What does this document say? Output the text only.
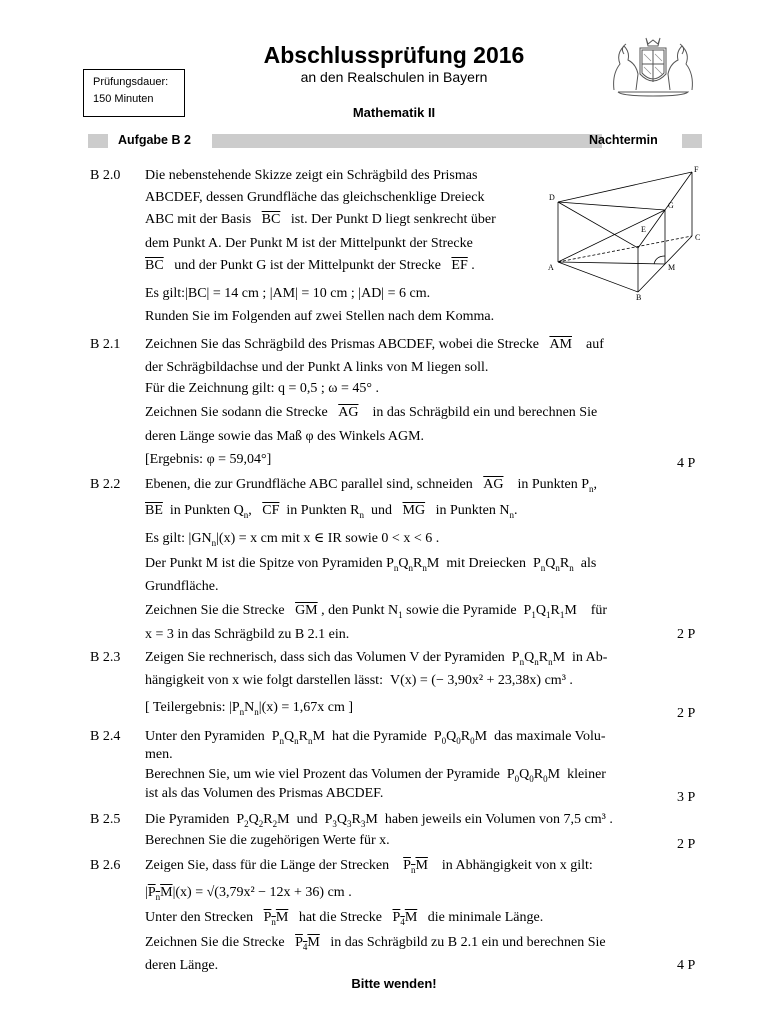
Abschlussprüfung 2016
an den Realschulen in Bayern
Mathematik II
Prüfungsdauer:
150 Minuten
Aufgabe B 2	Nachtermin
F
D
G
E
C
A	M
B
B 2.0 Die nebenstehende Skizze zeigt ein Schrägbild des Prismas
ABCDEF, dessen Grundfläche das gleichschenklige Dreieck
ABC mit der Basis $\overline{BC}$ ist. Der Punkt D liegt senkrecht über
dem Punkt A. Der Punkt M ist der Mittelpunkt der Strecke
$\overline{BC}$ und der Punkt G ist der Mittelpunkt der Strecke $\overline{EF}$ .
Es gilt:|BC| = 14 cm ; |AM| = 10 cm ; |AD| = 6 cm.
Runden Sie im Folgenden auf zwei Stellen nach dem Komma.
B 2.1 Zeichnen Sie das Schrägbild des Prismas ABCDEF, wobei die Strecke $\overline{AM}$ auf
der Schrägbildachse und der Punkt A links von M liegen soll.
Für die Zeichnung gilt: q = 0,5 ; ω = 45° .
Zeichnen Sie sodann die Strecke $\overline{AG}$ in das Schrägbild ein und berechnen Sie
deren Länge sowie das Maß φ des Winkels AGM.
[Ergebnis: φ = 59,04°]	4 P
B 2.2 Ebenen, die zur Grundfläche ABC parallel sind, schneiden $\overline{AG}$ in Punkten $P_n$,
$\overline{BE}$ in Punkten $Q_n$,   $\overline{CF}$ in Punkten $R_n$ und $\overline{MG}$ in Punkten $N_n$.
Es gilt: $|GN_n|(x) = x$ cm mit x ∈ IR sowie 0 < x < 6 .
Der Punkt M ist die Spitze von Pyramiden $P_nQ_nR_nM$  mit Dreiecken  $P_nQ_nR_n$ als
Grundfläche.
Zeichnen Sie die Strecke $\overline{GM}$ , den Punkt $N_1$ sowie die Pyramide  $P_1Q_1R_1M$    für
x = 3 in das Schrägbild zu B 2.1 ein.	2 P
B 2.3 Zeigen Sie rechnerisch, dass sich das Volumen V der Pyramiden  $P_nQ_nR_nM$  in Ab-
hängigkeit von x wie folgt darstellen lässt: V(x) = (− 3,90x² + 23,38x) cm³ .
[ Teilergebnis: $|P_nN_n|(x) = 1,67x$ cm ]	2 P
B 2.4 Unter den Pyramiden  $P_nQ_nR_nM$  hat die Pyramide  $P_0Q_0R_0M$  das maximale Volu-
men.
Berechnen Sie, um wie viel Prozent das Volumen der Pyramide  $P_0Q_0R_0M$  kleiner
ist als das Volumen des Prismas ABCDEF.	3 P
B 2.5 Die Pyramiden  $P_2Q_2R_2M$  und  $P_3Q_3R_3M$  haben jeweils ein Volumen von 7,5 cm³ .
Berechnen Sie die zugehörigen Werte für x.	2 P
B 2.6 Zeigen Sie, dass für die Länge der Strecken $P_nM$ in Abhängigkeit von x gilt:
$|P_nM|(x) = √(3,79x^2 - 12x + 36)$ cm .
Unter den Strecken $P_nM$ hat die Strecke $P_4M$ die minimale Länge.
Zeichnen Sie die Strecke $P_4M$ in das Schrägbild zu B 2.1 ein und berechnen Sie
deren Länge.	4 P
Bitte wenden!
